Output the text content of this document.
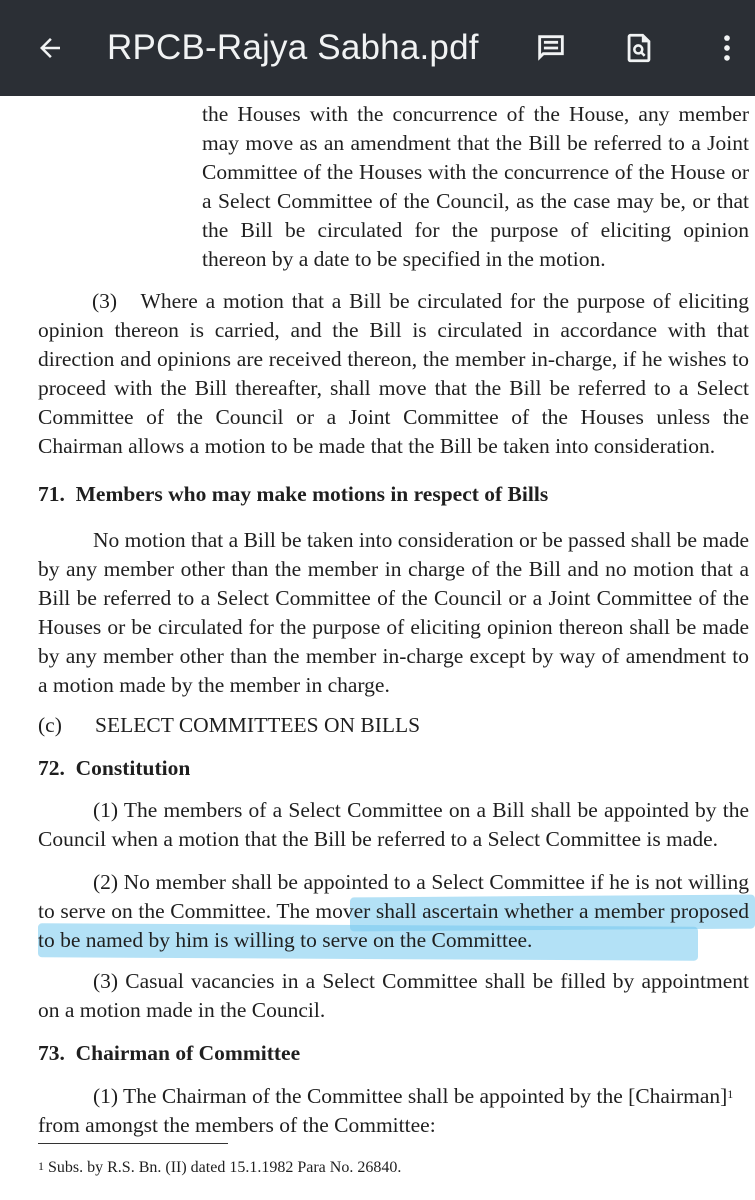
RPCB-Rajya Sabha.pdf

the Houses with the concurrence of the House, any member may move as an amendment that the Bill be referred to a Joint Committee of the Houses with the concurrence of the House or a Select Committee of the Council, as the case may be, or that the Bill be circulated for the purpose of eliciting opinion thereon by a date to be specified in the motion.

(3)   Where a motion that a Bill be circulated for the purpose of eliciting opinion thereon is carried, and the Bill is circulated in accordance with that direction and opinions are received thereon, the member in-charge, if he wishes to proceed with the Bill thereafter, shall move that the Bill be referred to a Select Committee of the Council or a Joint Committee of the Houses unless the Chairman allows a motion to be made that the Bill be taken into consideration.

71.  Members who may make motions in respect of Bills

No motion that a Bill be taken into consideration or be passed shall be made by any member other than the member in charge of the Bill and no motion that a Bill be referred to a Select Committee of the Council or a Joint Committee of the Houses or be circulated for the purpose of eliciting opinion thereon shall be made by any member other than the member in-charge except by way of amendment to a motion made by the member in charge.

(c) SELECT COMMITTEES ON BILLS
72.  Constitution

(1) The members of a Select Committee on a Bill shall be appointed by the Council when a motion that the Bill be referred to a Select Committee is made.

(2) No member shall be appointed to a Select Committee if he is not willing to serve on the Committee. The mover shall ascertain whether a member proposed to be named by him is willing to serve on the Committee.

(3) Casual vacancies in a Select Committee shall be filled by appointment on a motion made in the Council.

73.  Chairman of Committee

(1) The Chairman of the Committee shall be appointed by the [Chairman]$^1$
from amongst the members of the Committee:

$^1$ Subs. by R.S. Bn. (II) dated 15.1.1982 Para No. 26840.
